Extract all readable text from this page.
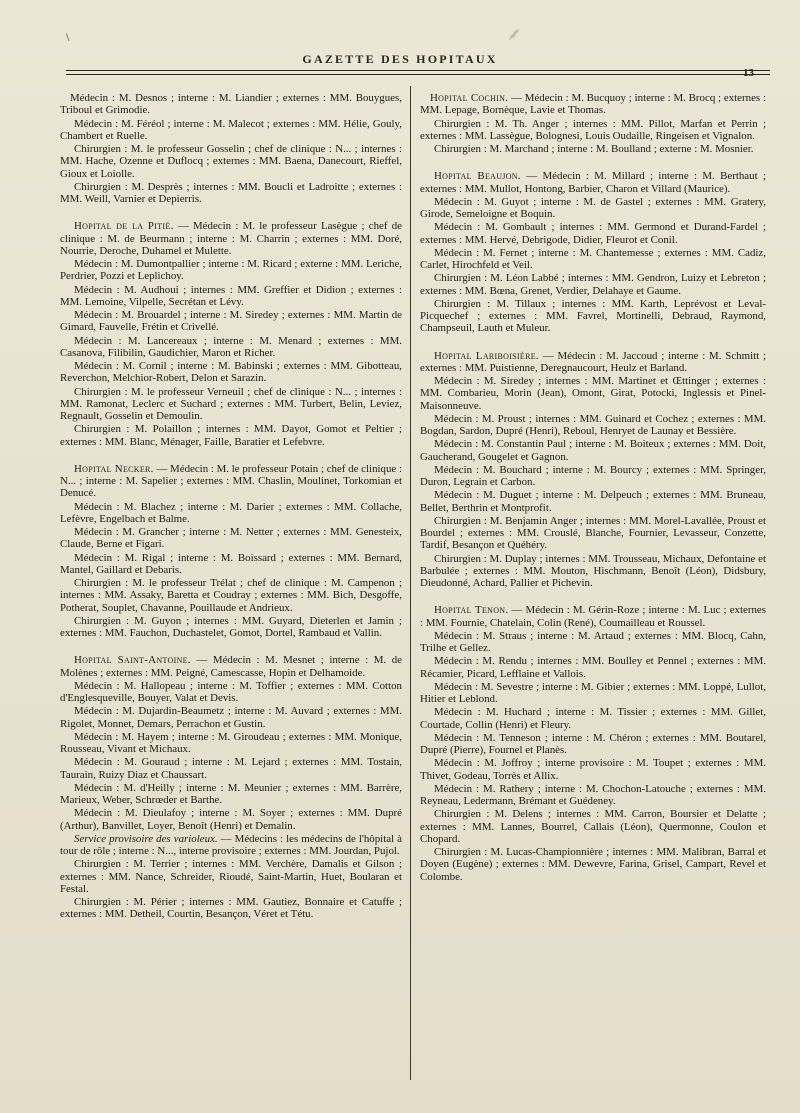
⸙
\
GAZETTE DES HOPITAUX
13

Médecin : M. Desnos ; interne : M. Liandier ; externes : MM. Bouygues, Triboul et Grimodie.

Médecin : M. Féréol ; interne : M. Malecot ; externes : MM. Hélie, Gouly, Chambert et Ruelle.

Chirurgien : M. le professeur Gosselin ; chef de clinique : N... ; internes : MM. Hache, Ozenne et Duflocq ; externes : MM. Baena, Danecourt, Rieffel, Gioux et Loiolle.

Chirurgien : M. Desprès ; internes : MM. Boucli et Ladroitte ; externes : MM. Weill, Varnier et Depierris.

Hopital de la Pitié. — Médecin : M. le professeur Lasègue ; chef de clinique : M. de Beurmann ; interne : M. Charrin ; externes : MM. Doré, Nourrie, Deroche, Duhamel et Mulette.

Médecin : M. Dumontpallier ; interne : M. Ricard ; externe : MM. Leriche, Perdrier, Pozzi et Leplichoy.

Médecin : M. Audhoui ; internes : MM. Greffier et Didion ; externes : MM. Lemoine, Vilpelle, Secrétan et Lévy.

Médecin : M. Brouardel ; interne : M. Siredey ; externes : MM. Martin de Gimard, Fauvelle, Frétin et Crivellé.

Médecin : M. Lancereaux ; interne : M. Menard ; externes : MM. Casanova, Filibilin, Gaudichier, Maron et Richer.

Médecin : M. Cornil ; interne : M. Babinski ; externes : MM. Gibotteau, Reverchon, Melchior-Robert, Delon et Sarazin.

Chirurgien : M. le professeur Verneuil ; chef de clinique : N... ; internes : MM. Ramonat, Leclerc et Suchard ; externes : MM. Turbert, Belin, Leviez, Regnault, Gosselin et Demoulin.

Chirurgien : M. Polaillon ; internes : MM. Dayot, Gomot et Peltier ; externes : MM. Blanc, Ménager, Faille, Baratier et Lefebvre.

Hopital Necker. — Médecin : M. le professeur Potain ; chef de clinique : N... ; interne : M. Sapelier ; externes : MM. Chaslin, Moulinet, Torkomian et Denucé.

Médecin : M. Blachez ; interne : M. Darier ; externes : MM. Collache, Lefèvre, Engelbach et Balme.

Médecin : M. Grancher ; interne : M. Netter ; externes : MM. Genesteix, Claude, Berne et Figari.

Médecin : M. Rigal ; interne : M. Boissard ; externes : MM. Bernard, Mantel, Gaillard et Debaris.

Chirurgien : M. le professeur Trélat ; chef de clinique : M. Campenon ; internes : MM. Assaky, Baretta et Coudray ; externes : MM. Bich, Desgoffe, Potherat, Souplet, Chavanne, Pouillaude et Andrieux.

Chirurgien : M. Guyon ; internes : MM. Guyard, Dieterlen et Jamin ; externes : MM. Fauchon, Duchastelet, Gomot, Dortel, Rambaud et Vallin.

Hopital Saint-Antoine. — Médecin : M. Mesnet ; interne : M. de Molènes ; externes : MM. Peigné, Camescasse, Hopin et Delhamoide.

Médecin : M. Hallopeau ; interne : M. Toffier ; externes : MM. Cotton d'Englesqueville, Bouyer, Valat et Devis.

Médecin : M. Dujardin-Beaumetz ; interne : M. Auvard ; externes : MM. Rigolet, Monnet, Demars, Perrachon et Gustin.

Médecin : M. Hayem ; interne : M. Giroudeau ; externes : MM. Monique, Rousseau, Vivant et Michaux.

Médecin : M. Gouraud ; interne : M. Lejard ; externes : MM. Tostain, Taurain, Ruizy Diaz et Chaussart.

Médecin : M. d'Heilly ; interne : M. Meunier ; externes : MM. Barrère, Marieux, Weber, Schrœder et Barthe.

Médecin : M. Dieulafoy ; interne : M. Soyer ; externes : MM. Dupré (Arthur), Banvillet, Loyer, Benoît (Henri) et Demalin.

Service provisoire des varioleux. — Médecins : les médecins de l'hôpital à tour de rôle ; interne : N..., interne provisoire ; externes : MM. Jourdan, Pujol.

Chirurgien : M. Terrier ; internes : MM. Verchère, Damalis et Gilson ; externes : MM. Nance, Schreider, Rioudé, Saint-Martin, Huet, Boularan et Festal.

Chirurgien : M. Périer ; internes : MM. Gautiez, Bonnaire et Catuffe ; externes : MM. Detheil, Courtin, Besançon, Véret et Tétu.

Hopital Cochin. — Médecin : M. Bucquoy ; interne : M. Brocq ; externes : MM. Lepage, Bornèque, Lavie et Thomas.

Chirurgien : M. Th. Anger ; internes : MM. Pillot, Marfan et Perrin ; externes : MM. Lassègue, Bolognesi, Louis Oudaille, Ringeisen et Vignalon.

Chirurgien : M. Marchand ; interne : M. Boulland ; externe : M. Mosnier.

Hopital Beaujon. — Médecin : M. Millard ; interne : M. Berthaut ; externes : MM. Mullot, Hontong, Barbier, Charon et Villard (Maurice).

Médecin : M. Guyot ; interne : M. de Gastel ; externes : MM. Gratery, Girode, Semeloigne et Boquin.

Médecin : M. Gombault ; internes : MM. Germond et Durand-Fardel ; externes : MM. Hervé, Debrigode, Didier, Fleurot et Conil.

Médecin : M. Fernet ; interne : M. Chantemesse ; externes : MM. Cadiz, Carlet, Hirochfeld et Veil.

Chirurgien : M. Léon Labbé ; internes : MM. Gendron, Luizy et Lebreton ; externes : MM. Bœna, Grenet, Verdier, Delahaye et Gaume.

Chirurgien : M. Tillaux ; internes : MM. Karth, Leprévost et Leval-Picquechef ; externes : MM. Favrel, Mortinelli, Debraud, Raymond, Champseuil, Lauth et Muleur.

Hopital Lariboisière. — Médecin : M. Jaccoud ; interne : M. Schmitt ; externes : MM. Puistienne, Deregnaucourt, Heulz et Barland.

Médecin : M. Siredey ; internes : MM. Martinet et Œttinger ; externes : MM. Combarieu, Morin (Jean), Omont, Girat, Potocki, Inglessis et Pinel-Maisonneuve.

Médecin : M. Proust ; internes : MM. Guinard et Cochez ; externes : MM. Bogdan, Sardon, Dupré (Henri), Reboul, Henryet de Launay et Bessière.

Médecin : M. Constantin Paul ; interne : M. Boiteux ; externes : MM. Doit, Gaucherand, Gougelet et Gagnon.

Médecin : M. Bouchard ; interne : M. Bourcy ; externes : MM. Springer, Duron, Legrain et Carbon.

Médecin : M. Duguet ; interne : M. Delpeuch ; externes : MM. Bruneau, Bellet, Berthrin et Montprofit.

Chirurgien : M. Benjamin Anger ; internes : MM. Morel-Lavallée, Proust et Bourdel ; externes : MM. Crouslé, Blanche, Fournier, Levasseur, Conzette, Tardif, Besançon et Quéhéry.

Chirurgien : M. Duplay ; internes : MM. Trousseau, Michaux, Defontaine et Barbulée ; externes : MM. Mouton, Hischmann, Benoît (Léon), Didsbury, Dieudonné, Achard, Pallier et Pichevin.

Hopital Tenon. — Médecin : M. Gérin-Roze ; interne : M. Luc ; externes : MM. Fournie, Chatelain, Colin (René), Coumailleau et Roussel.

Médecin : M. Straus ; interne : M. Artaud ; externes : MM. Blocq, Cahn, Trilhe et Gellez.

Médecin : M. Rendu ; internes : MM. Boulley et Pennel ; externes : MM. Récamier, Picard, Lefflaine et Vallois.

Médecin : M. Sevestre ; interne : M. Gibier ; externes : MM. Loppé, Lullot, Hitier et Leblond.

Médecin : M. Huchard ; interne : M. Tissier ; externes : MM. Gillet, Courtade, Collin (Henri) et Fleury.

Médecin : M. Tenneson ; interne : M. Chéron ; externes : MM. Boutarel, Dupré (Pierre), Fournel et Planès.

Médecin : M. Joffroy ; interne provisoire : M. Toupet ; externes : MM. Thivet, Godeau, Torrès et Allix.

Médecin : M. Rathery ; interne : M. Chochon-Latouche ; externes : MM. Reyneau, Ledermann, Brémant et Guédeney.

Chirurgien : M. Delens ; internes : MM. Carron, Boursier et Delatte ; externes : MM. Lannes, Bourrel, Callais (Léon), Quermonne, Coulon et Chopard.

Chirurgien : M. Lucas-Championnière ; internes : MM. Malibran, Barral et Doyen (Eugène) ; externes : MM. Dewevre, Farina, Grisel, Campart, Revel et Colombe.
